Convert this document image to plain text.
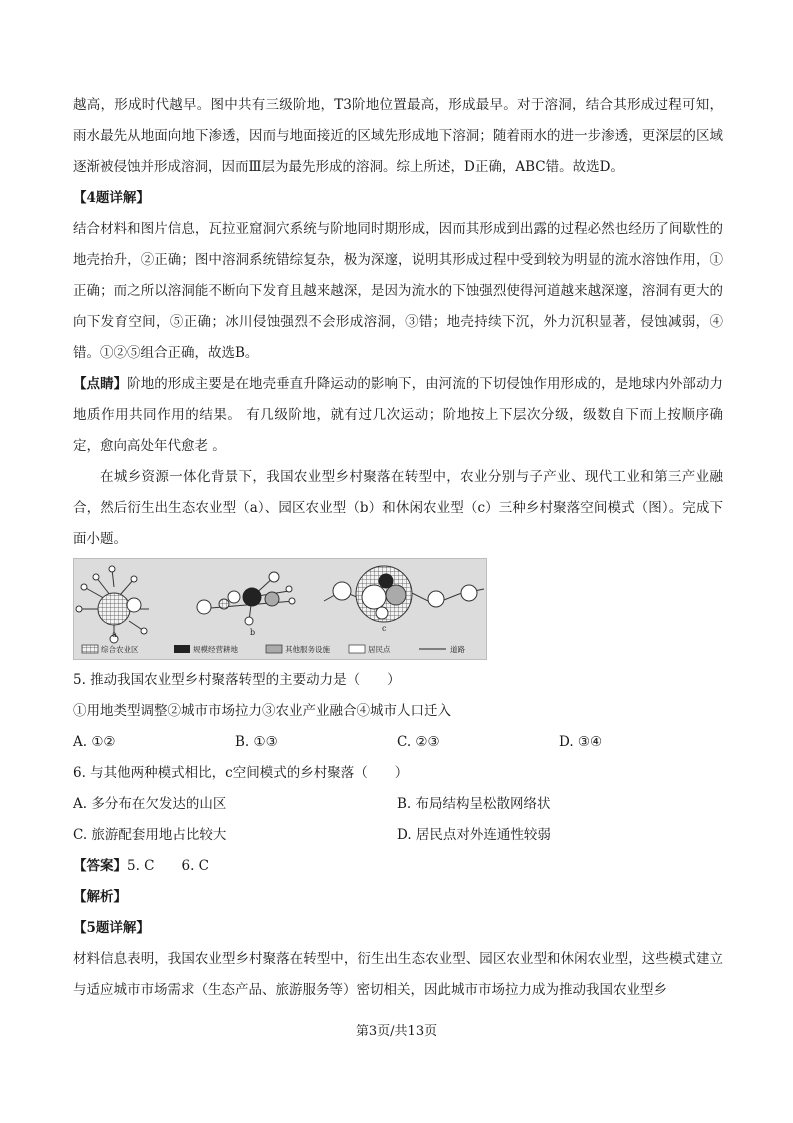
越高，形成时代越早。图中共有三级阶地，T3阶地位置最高，形成最早。对于溶洞，结合其形成过程可知，雨水最先从地面向地下渗透，因而与地面接近的区域先形成地下溶洞；随着雨水的进一步渗透，更深层的区域逐渐被侵蚀并形成溶洞，因而Ⅲ层为最先形成的溶洞。综上所述，D正确，ABC错。故选D。

【4题详解】

结合材料和图片信息，瓦拉亚窟洞穴系统与阶地同时期形成，因而其形成到出露的过程必然也经历了间歇性的地壳抬升，②正确；图中溶洞系统错综复杂，极为深邃，说明其形成过程中受到较为明显的流水溶蚀作用，①正确；而之所以溶洞能不断向下发育且越来越深，是因为流水的下蚀强烈使得河道越来越深邃，溶洞有更大的向下发育空间，⑤正确；冰川侵蚀强烈不会形成溶洞，③错；地壳持续下沉，外力沉积显著，侵蚀减弱，④错。①②⑤组合正确，故选B。

【点睛】阶地的形成主要是在地壳垂直升降运动的影响下，由河流的下切侵蚀作用形成的，是地球内外部动力地质作用共同作用的结果。 有几级阶地，就有过几次运动；阶地按上下层次分级，级数自下而上按顺序确定，愈向高处年代愈老 。

在城乡资源一体化背景下，我国农业型乡村聚落在转型中，农业分别与子产业、现代工业和第三产业融合，然后衍生出生态农业型（a）、园区农业型（b）和休闲农业型（c）三种乡村聚落空间模式（图）。完成下面小题。

a	b	c
综合农业区	规模经营耕地	其他服务设施	居民点	道路

5. 推动我国农业型乡村聚落转型的主要动力是（　　）

①用地类型调整②城市市场拉力③农业产业融合④城市人口迁入

A. ①②	B. ①③	C. ②③	D. ③④

6. 与其他两种模式相比，c空间模式的乡村聚落（　　）

A. 多分布在欠发达的山区	B. 布局结构呈松散网络状
C. 旅游配套用地占比较大	D. 居民点对外连通性较弱

【答案】5. C　　6. C

【解析】

【5题详解】

材料信息表明，我国农业型乡村聚落在转型中，衍生出生态农业型、园区农业型和休闲农业型，这些模式建立与适应城市市场需求（生态产品、旅游服务等）密切相关，因此城市市场拉力成为推动我国农业型乡

第3页/共13页
